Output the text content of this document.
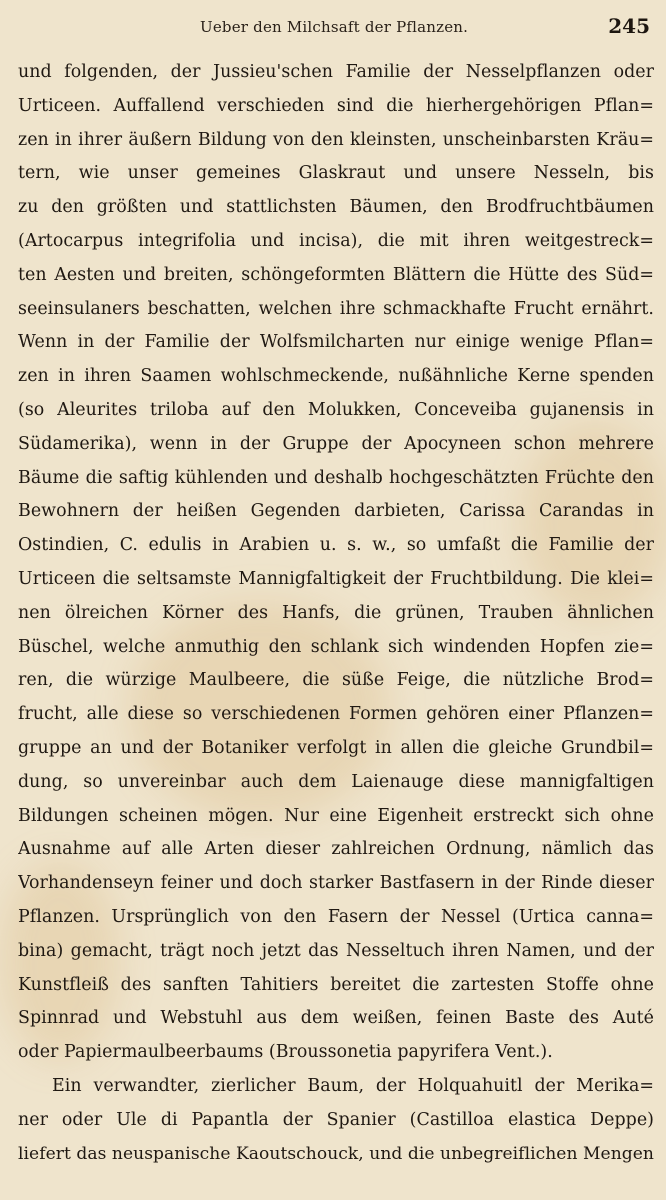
Ueber den Milchsaft der Pflanzen.	245
und folgenden, der Jussieu'schen Familie der Nesselpflanzen oder
Urticeen. Auffallend verschieden sind die hierhergehörigen Pflan=
zen in ihrer äußern Bildung von den kleinsten, unscheinbarsten Kräu=
tern, wie unser gemeines Glaskraut und unsere Nesseln, bis
zu den größten und stattlichsten Bäumen, den Brodfruchtbäumen
(Artocarpus integrifolia und incisa), die mit ihren weitgestreck=
ten Aesten und breiten, schöngeformten Blättern die Hütte des Süd=
seeinsulaners beschatten, welchen ihre schmackhafte Frucht ernährt.
Wenn in der Familie der Wolfsmilcharten nur einige wenige Pflan=
zen in ihren Saamen wohlschmeckende, nußähnliche Kerne spenden
(so Aleurites triloba auf den Molukken, Conceveiba gujanensis in
Südamerika), wenn in der Gruppe der Apocyneen schon mehrere
Bäume die saftig kühlenden und deshalb hochgeschätzten Früchte den
Bewohnern der heißen Gegenden darbieten, Carissa Carandas in
Ostindien, C. edulis in Arabien u. s. w., so umfaßt die Familie der
Urticeen die seltsamste Mannigfaltigkeit der Fruchtbildung. Die klei=
nen ölreichen Körner des Hanfs, die grünen, Trauben ähnlichen
Büschel, welche anmuthig den schlank sich windenden Hopfen zie=
ren, die würzige Maulbeere, die süße Feige, die nützliche Brod=
frucht, alle diese so verschiedenen Formen gehören einer Pflanzen=
gruppe an und der Botaniker verfolgt in allen die gleiche Grundbil=
dung, so unvereinbar auch dem Laienauge diese mannigfaltigen
Bildungen scheinen mögen. Nur eine Eigenheit erstreckt sich ohne
Ausnahme auf alle Arten dieser zahlreichen Ordnung, nämlich das
Vorhandenseyn feiner und doch starker Bastfasern in der Rinde dieser
Pflanzen. Ursprünglich von den Fasern der Nessel (Urtica canna=
bina) gemacht, trägt noch jetzt das Nesseltuch ihren Namen, und der
Kunstfleiß des sanften Tahitiers bereitet die zartesten Stoffe ohne
Spinnrad und Webstuhl aus dem weißen, feinen Baste des Auté
oder Papiermaulbeerbaums (Broussonetia papyrifera Vent.).
Ein verwandter, zierlicher Baum, der Holquahuitl der Merika=
ner oder Ule di Papantla der Spanier (Castilloa elastica Deppe)
liefert das neuspanische Kaoutschouck, und die unbegreiflichen Mengen
